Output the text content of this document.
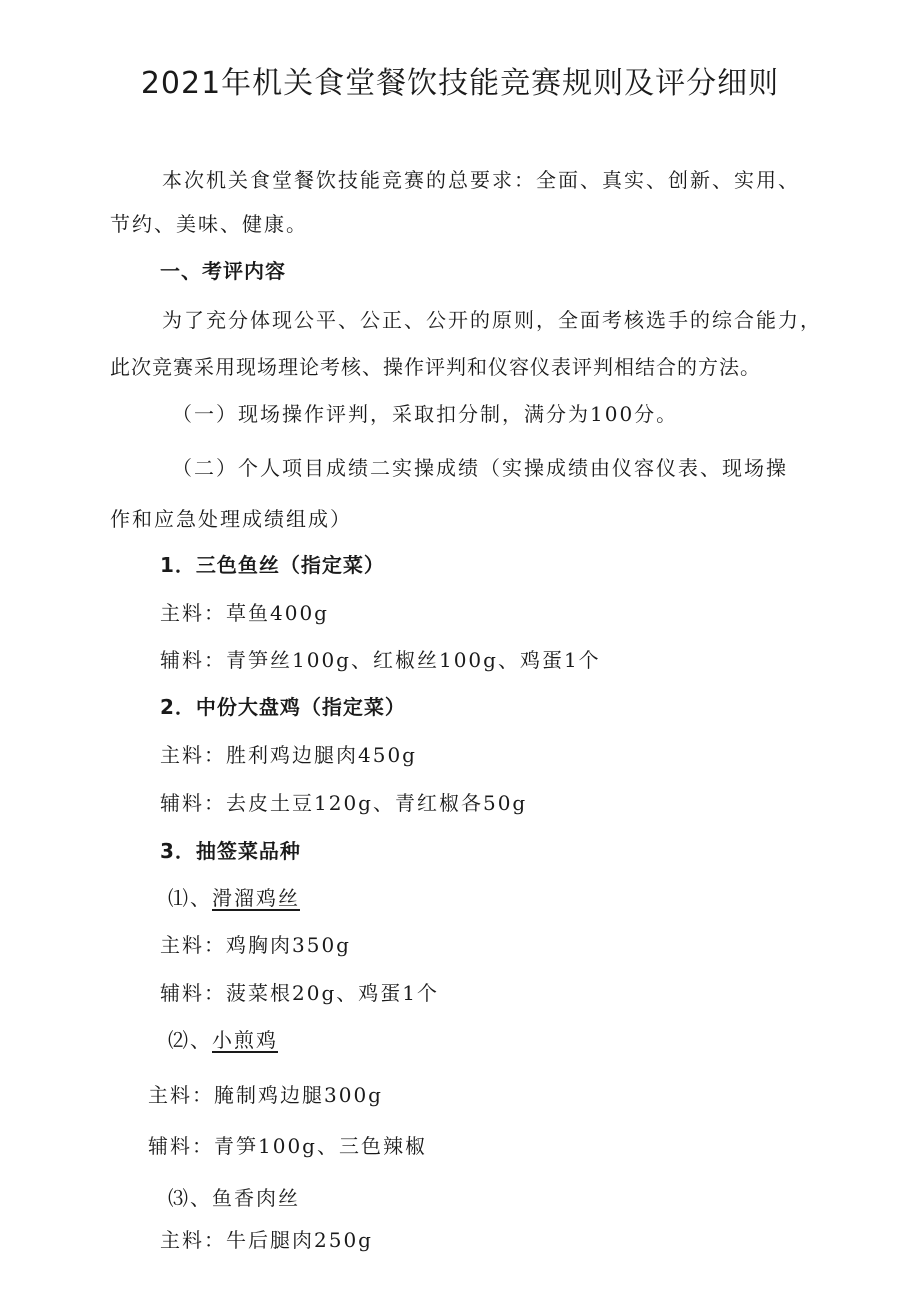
2021年机关食堂餐饮技能竞赛规则及评分细则
本次机关食堂餐饮技能竞赛的总要求：全面、真实、创新、实用、
节约、美味、健康。
一、考评内容
为了充分体现公平、公正、公开的原则，全面考核选手的综合能力，
此次竞赛采用现场理论考核、操作评判和仪容仪表评判相结合的方法。
（一）现场操作评判，采取扣分制，满分为100分。
（二）个人项目成绩二实操成绩（实操成绩由仪容仪表、现场操
作和应急处理成绩组成）
1．三色鱼丝（指定菜）
主料：草鱼400g
辅料：青笋丝100g、红椒丝100g、鸡蛋1个
2．中份大盘鸡（指定菜）
主料：胜利鸡边腿肉450g
辅料：去皮土豆120g、青红椒各50g
3．抽签菜品种
⑴、滑溜鸡丝
主料：鸡胸肉350g
辅料：菠菜根20g、鸡蛋1个
⑵、小煎鸡
主料：腌制鸡边腿300g
辅料：青笋100g、三色辣椒
⑶、鱼香肉丝
主料：牛后腿肉250g
